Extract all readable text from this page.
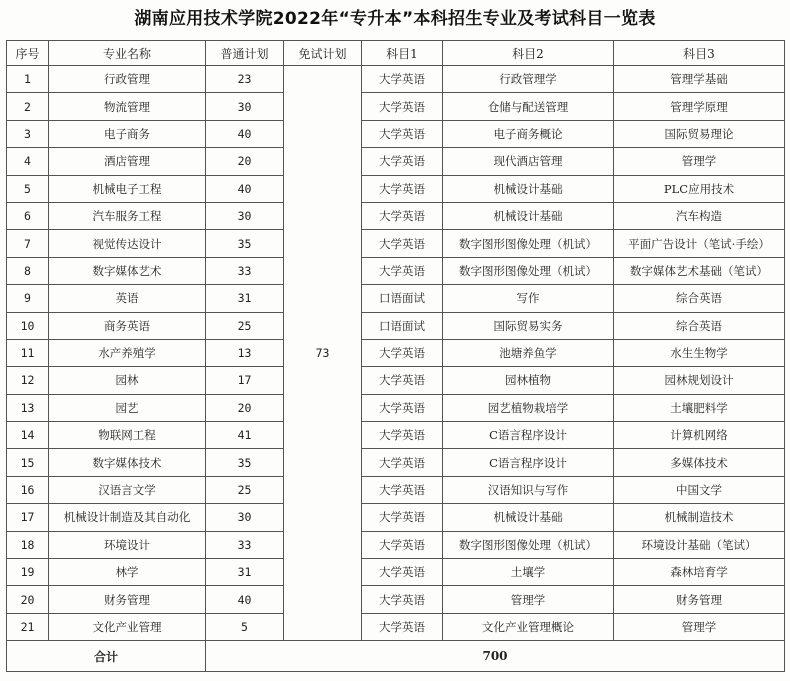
湖南应用技术学院2022年“专升本”本科招生专业及考试科目一览表
序号	专业名称	普通计划	免试计划	科目1	科目2	科目3
1	行政管理	23	73	大学英语	行政管理学	管理学基础
2	物流管理	30		大学英语	仓储与配送管理	管理学原理
3	电子商务	40		大学英语	电子商务概论	国际贸易理论
4	酒店管理	20		大学英语	现代酒店管理	管理学
5	机械电子工程	40		大学英语	机械设计基础	PLC应用技术
6	汽车服务工程	30		大学英语	机械设计基础	汽车构造
7	视觉传达设计	35		大学英语	数字图形图像处理（机试）	平面广告设计（笔试·手绘）
8	数字媒体艺术	33		大学英语	数字图形图像处理（机试）	数字媒体艺术基础（笔试）
9	英语	31		口语面试	写作	综合英语
10	商务英语	25		口语面试	国际贸易实务	综合英语
11	水产养殖学	13		大学英语	池塘养鱼学	水生生物学
12	园林	17		大学英语	园林植物	园林规划设计
13	园艺	20		大学英语	园艺植物栽培学	土壤肥料学
14	物联网工程	41		大学英语	C语言程序设计	计算机网络
15	数字媒体技术	35		大学英语	C语言程序设计	多媒体技术
16	汉语言文学	25		大学英语	汉语知识与写作	中国文学
17	机械设计制造及其自动化	30		大学英语	机械设计基础	机械制造技术
18	环境设计	33		大学英语	数字图形图像处理（机试）	环境设计基础（笔试）
19	林学	31		大学英语	土壤学	森林培育学
20	财务管理	40		大学英语	管理学	财务管理
21	文化产业管理	5		大学英语	文化产业管理概论	管理学
合计		700				
